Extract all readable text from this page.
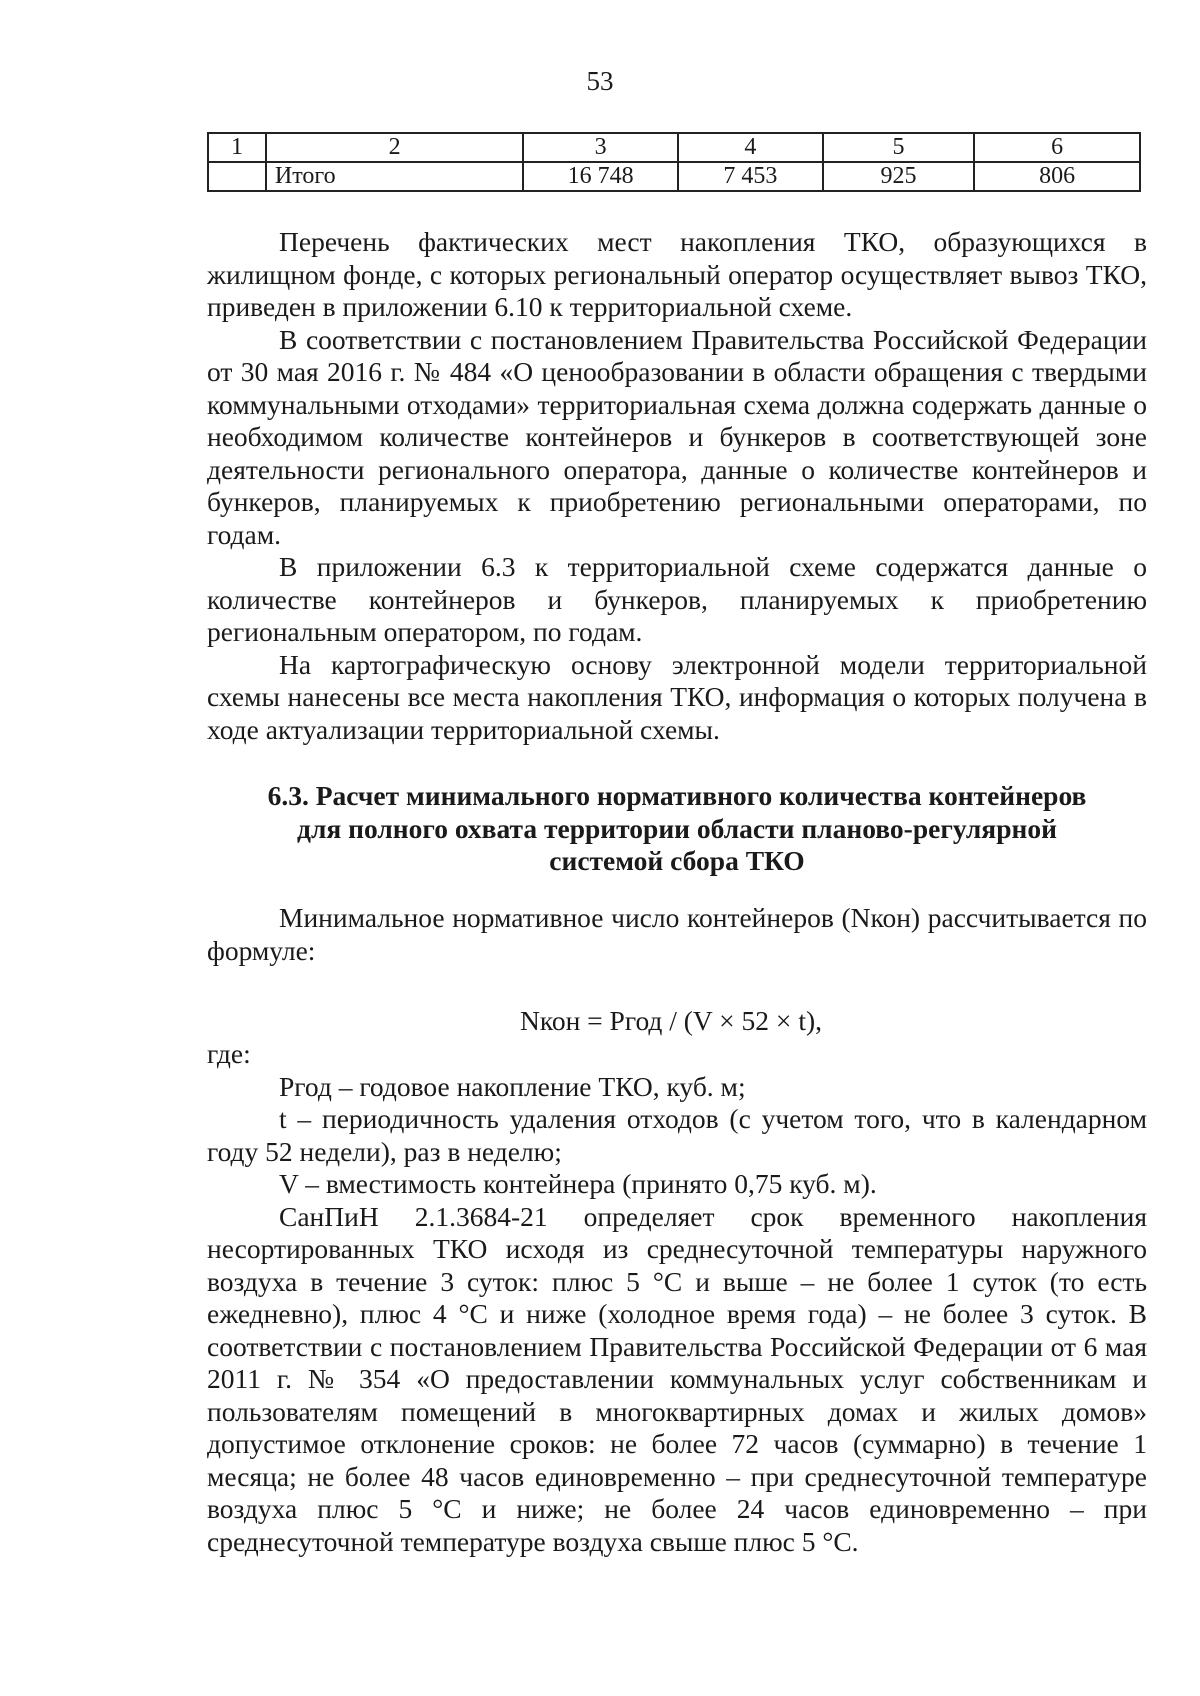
53
1	2	3	4	5	6
	Итого	16 748	7 453	925	806

Перечень фактических мест накопления ТКО, образующихся в жилищном фонде, с которых региональный оператор осуществляет вывоз ТКО, приведен в приложении 6.10 к территориальной схеме.

В соответствии с постановлением Правительства Российской Федерации от 30 мая 2016 г. № 484 «О ценообразовании в области обращения с твердыми коммунальными отходами» территориальная схема должна содержать данные о необходимом количестве контейнеров и бункеров в соответствующей зоне деятельности регионального оператора, данные о количестве контейнеров и бункеров, планируемых к приобретению региональными операторами, по годам.

В приложении 6.3 к территориальной схеме содержатся данные о количестве контейнеров и бункеров, планируемых к приобретению региональным оператором, по годам.

На картографическую основу электронной модели территориальной схемы нанесены все места накопления ТКО, информация о которых получена в ходе актуализации территориальной схемы.

6.3. Расчет минимального нормативного количества контейнеров
для полного охвата территории области планово-регулярной
системой сбора ТКО

Минимальное нормативное число контейнеров (Nкон) рассчитывается по формуле:

Nкон = Ргод / (V × 52 × t),

где:

Ргод – годовое накопление ТКО, куб. м;

t – периодичность удаления отходов (с учетом того, что в календарном году 52 недели), раз в неделю;

V – вместимость контейнера (принято 0,75 куб. м).

СанПиН 2.1.3684-21 определяет срок временного накопления несортированных ТКО исходя из среднесуточной температуры наружного воздуха в течение 3 суток: плюс 5 °С и выше – не более 1 суток (то есть ежедневно), плюс 4 °С и ниже (холодное время года) – не более 3 суток. В соответствии с постановлением Правительства Российской Федерации от 6 мая 2011 г. № 354 «О предоставлении коммунальных услуг собственникам и пользователям помещений в многоквартирных домах и жилых домов» допустимое отклонение сроков: не более 72 часов (суммарно) в течение 1 месяца; не более 48 часов единовременно – при среднесуточной температуре воздуха плюс 5 °С и ниже; не более 24 часов единовременно – при среднесуточной температуре воздуха свыше плюс 5 °С.
